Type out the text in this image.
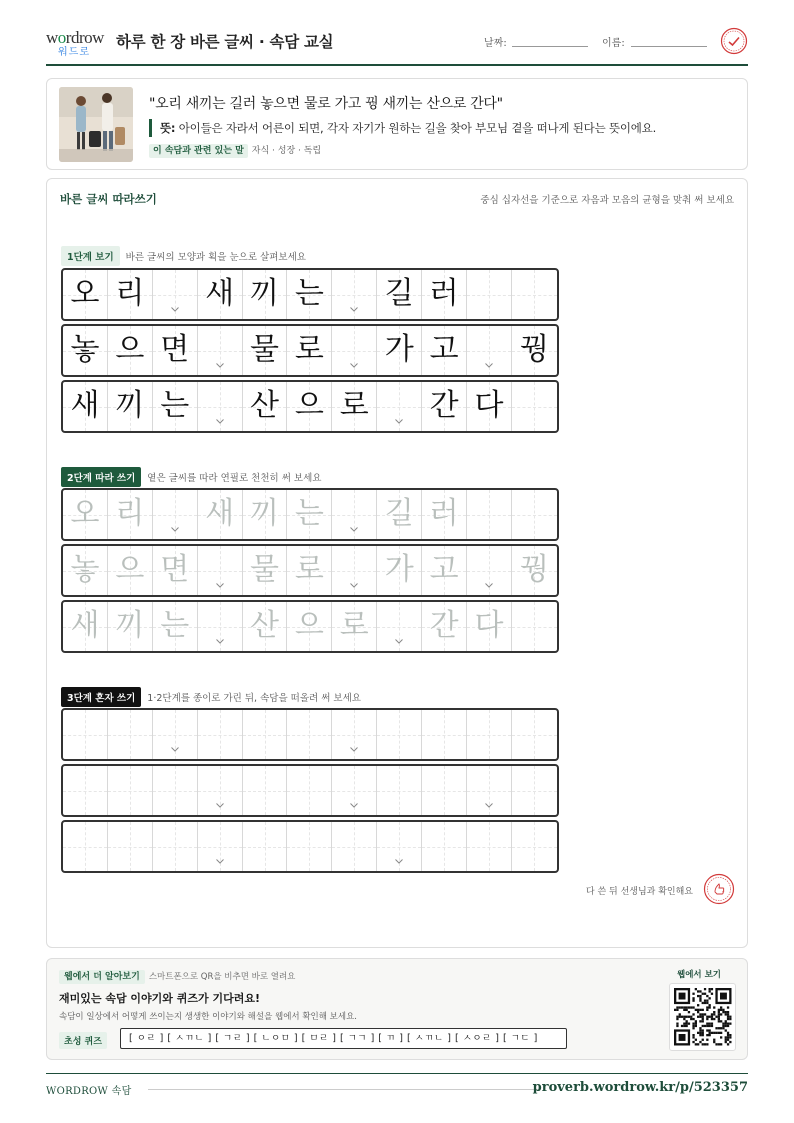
wordrow
워드로
하루 한 장 바른 글씨 · 속담 교실	날짜:	이름:
"오리 새끼는 길러 놓으면 물로 가고 꿩 새끼는 산으로 간다"
뜻: 아이들은 자라서 어른이 되면, 각자 자기가 원하는 길을 찾아 부모님 곁을 떠나게 된다는 뜻이에요.
이 속담과 관련 있는 말 자식 · 성장 · 독립
바른 글씨 따라쓰기	중심 십자선을 기준으로 자음과 모음의 균형을 맞춰 써 보세요
1단계 보기 바른 글씨의 모양과 획을 눈으로 살펴보세요
오 리 새 끼 는 길 러
놓 으 면 물 로 가 고 꿩
새 끼 는 산 으 로 간 다
2단계 따라 쓰기 옅은 글씨를 따라 연필로 천천히 써 보세요
오 리 새 끼 는 길 러
놓 으 면 물 로 가 고 꿩
새 끼 는 산 으 로 간 다
3단계 혼자 쓰기 1·2단계를 종이로 가린 뒤, 속담을 떠올려 써 보세요
다 쓴 뒤 선생님과 확인해요
웹에서 더 알아보기 스마트폰으로 QR을 비추면 바로 열려요
재미있는 속담 이야기와 퀴즈가 기다려요!
속담이 일상에서 어떻게 쓰이는지 생생한 이야기와 해설을 웹에서 확인해 보세요.
초성 퀴즈	[ ㅇㄹ ] [ ㅅㄲㄴ ] [ ㄱㄹ ] [ ㄴㅇㅁ ] [ ㅁㄹ ] [ ㄱㄱ ] [ ㄲ ] [ ㅅㄲㄴ ] [ ㅅㅇㄹ ] [ ㄱㄷ ]
웹에서 보기
WORDROW 속담	proverb.wordrow.kr/p/523357
